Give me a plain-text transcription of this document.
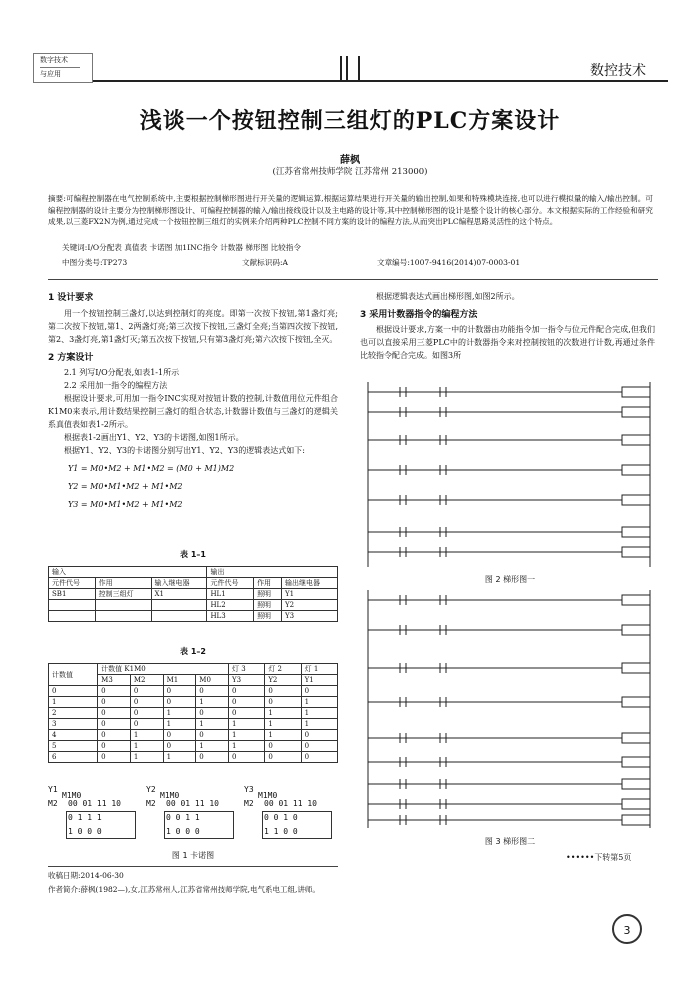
数字技术
与应用	数控技术
浅谈一个按钮控制三组灯的PLC方案设计
薛枫
(江苏省常州技师学院 江苏常州 213000)
摘要:可编程控制器在电气控制系统中,主要根据控制梯形图进行开关量的逻辑运算,根据运算结果进行开关量的输出控制,如果和特殊模块连接,也可以进行模拟量的输入/输出控制。可编程控制器的设计主要分为控制梯形图设计、可编程控制器的输入/输出接线设计以及主电路的设计等,其中控制梯形图的设计是整个设计的核心部分。本文根据实际的工作经验和研究成果,以三菱FX2N为例,通过完成一个按钮控制三组灯的实例来介绍两种PLC控制不同方案的设计的编程方法,从而突出PLC编程思路灵活性的这个特点。
关键词:I/O分配表 真值表 卡诺图 加1INC指令 计数器 梯形图 比较指令
中图分类号:TP273	文献标识码:A	文章编号:1007-9416(2014)07-0003-01
1 设计要求
用一个按钮控制三盏灯,以达到控制灯的亮度。即第一次按下按钮,第1盏灯亮;第二次按下按钮,第1、2两盏灯亮;第三次按下按钮,三盏灯全亮;当第四次按下按钮,第2、3盏灯亮,第1盏灯灭;第五次按下按钮,只有第3盏灯亮;第六次按下按钮,全灭。
2 方案设计
2.1 列写I/O分配表,如表1-1所示
2.2 采用加一指令的编程方法
根据设计要求,可用加一指令INC实现对按钮计数的控制,计数值用位元件组合K1M0来表示,用计数结果控制三盏灯的组合状态,计数器计数值与三盏灯的逻辑关系真值表如表1-2所示。
根据表1-2画出Y1、Y2、Y3的卡诺图,如图1所示。
根据Y1、Y2、Y3的卡诺图分别写出Y1、Y2、Y3的逻辑表达式如下:
Y1 = M0•M2 + M1•M2 = (M0 + M1)M2
Y2 = M0•M1•M2 + M1•M2
Y3 = M0•M1•M2 + M1•M2
表 1–1
输入			输出		
元件代号	作用	输入继电器	元件代号	作用	输出继电器
SB1	控制三组灯	X1	HL1	照明	Y1
			HL2	照明	Y2
			HL3	照明	Y3
表 1–2
计数值	计数值 K1M0				灯 3	灯 2	灯 1
	M3	M2	M1	M0	Y3	Y2	Y1
0	0	0	0	0	0	0	0
1	0	0	0	1	0	0	1
2	0	0	1	0	0	1	1
3	0	0	1	1	1	1	1
4	0	1	0	0	1	1	0
5	0	1	0	1	1	0	0
6	0	1	1	0	0	0	0
Y1
M1M0
M2 00 01 11 10
0 1 1 1
1 0 0 0
Y2
M1M0
M2 00 01 11 10
0 0 1 1
1 0 0 0
Y3
M1M0
M2 00 01 11 10
0 0 1 0
1 1 0 0
图 1 卡诺图
收稿日期:2014-06-30
作者简介:薛枫(1982—),女,江苏常州人,江苏省常州技师学院,电气系电工组,讲师。
根据逻辑表达式画出梯形图,如图2所示。
3 采用计数器指令的编程方法
根据设计要求,方案一中的计数器由功能指令加一指令与位元件配合完成,但我们也可以直接采用三菱PLC中的计数器指令来对控制按钮的次数进行计数,再通过条件比较指令配合完成。如图3所
图 2 梯形图一
图 3 梯形图二
••••••下转第5页
3
